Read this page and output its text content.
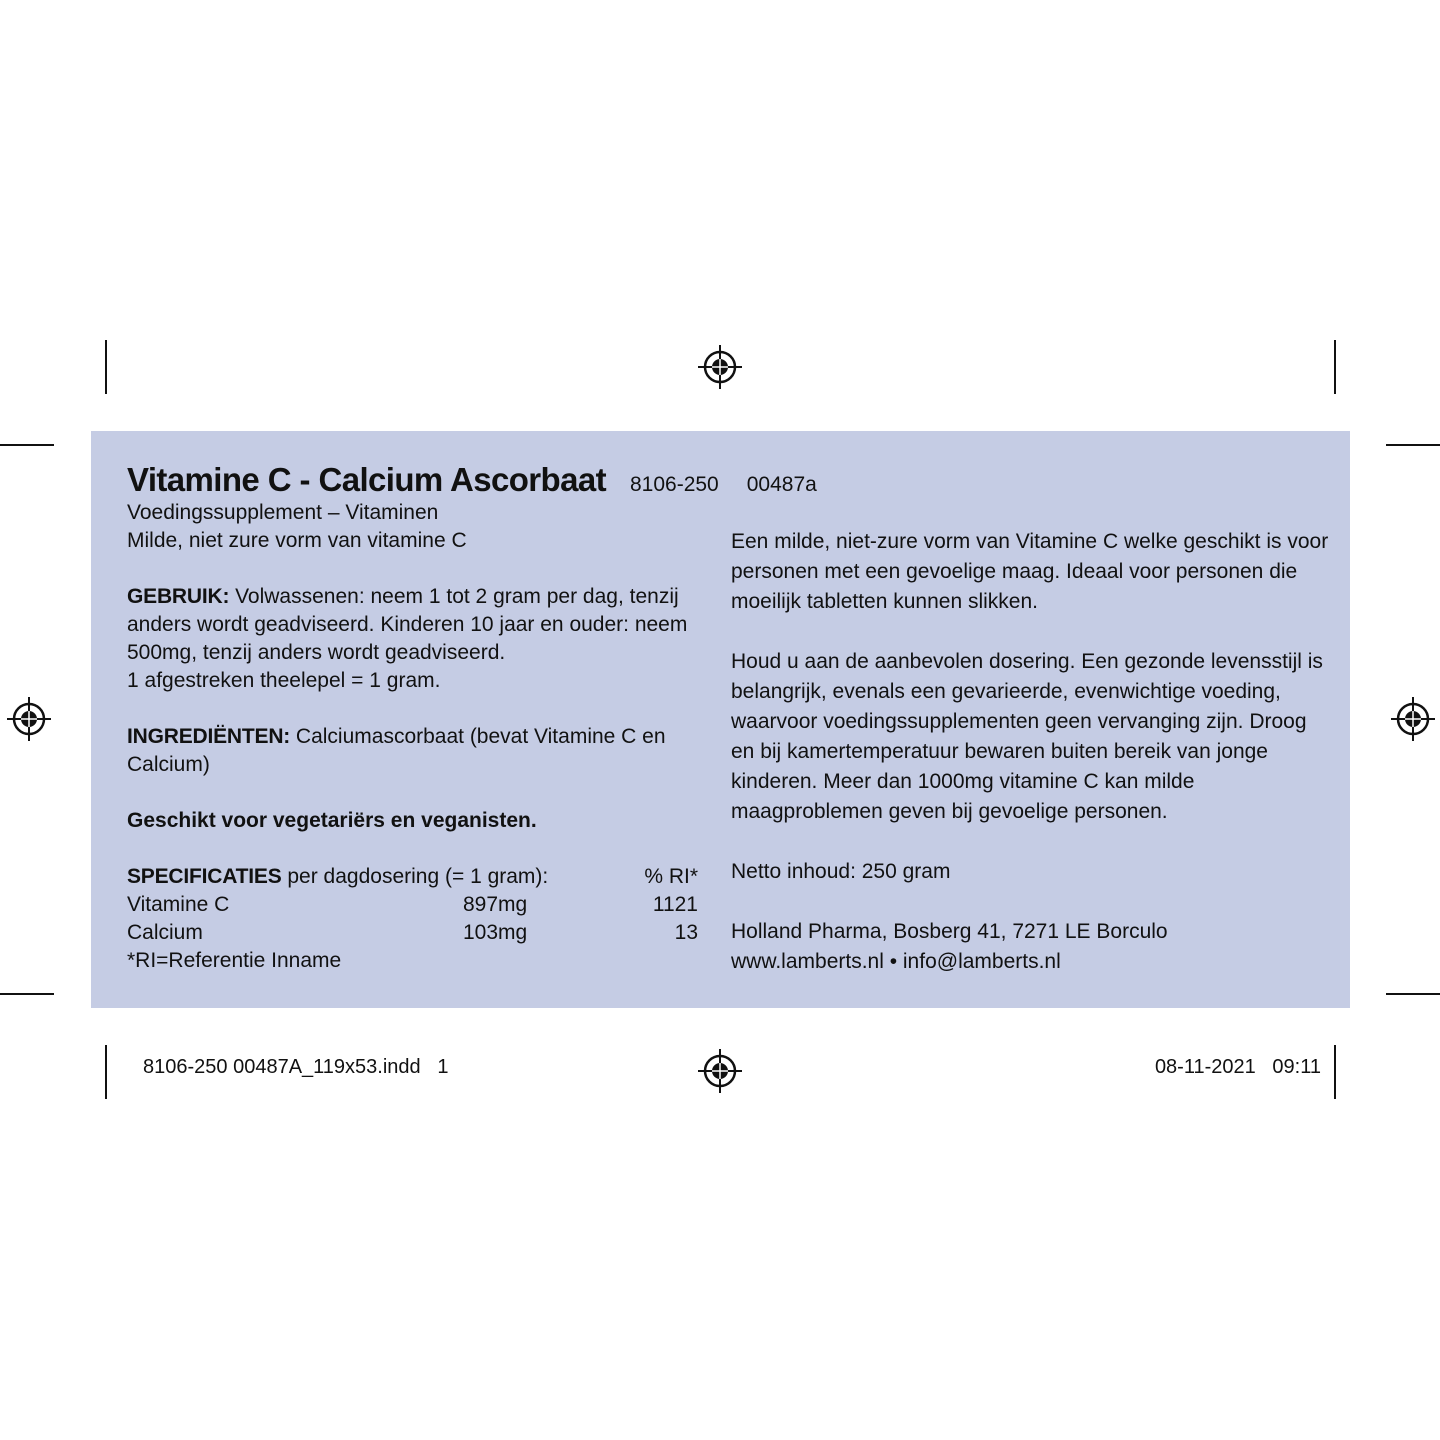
Vitamine C - Calcium Ascorbaat 8106-250 00487a
Voedingssupplement – Vitaminen
Milde, niet zure vorm van vitamine C
GEBRUIK: Volwassenen: neem 1 tot 2 gram per dag, tenzij
anders wordt geadviseerd. Kinderen 10 jaar en ouder: neem
500mg, tenzij anders wordt geadviseerd.
1 afgestreken theelepel = 1 gram.
INGREDIËNTEN: Calciumascorbaat (bevat Vitamine C en
Calcium)
Geschikt voor vegetariërs en veganisten.
SPECIFICATIES per dagdosering (= 1 gram):	% RI*
Vitamine C	897mg	1121
Calcium	103mg	13
*RI=Referentie Inname
Een milde, niet-zure vorm van Vitamine C welke geschikt is voor personen met een gevoelige maag. Ideaal voor personen die moeilijk tabletten kunnen slikken.
Houd u aan de aanbevolen dosering. Een gezonde levensstijl is belangrijk, evenals een gevarieerde, evenwichtige voeding, waarvoor voedingssupplementen geen vervanging zijn. Droog en bij kamertemperatuur bewaren buiten bereik van jonge kinderen. Meer dan 1000mg vitamine C kan milde maagproblemen geven bij gevoelige personen.
Netto inhoud: 250 gram
Holland Pharma, Bosberg 41, 7271 LE Borculo
www.lamberts.nl • info@lamberts.nl
8106-250 00487A_119x53.indd   1	08-11-2021   09:11
